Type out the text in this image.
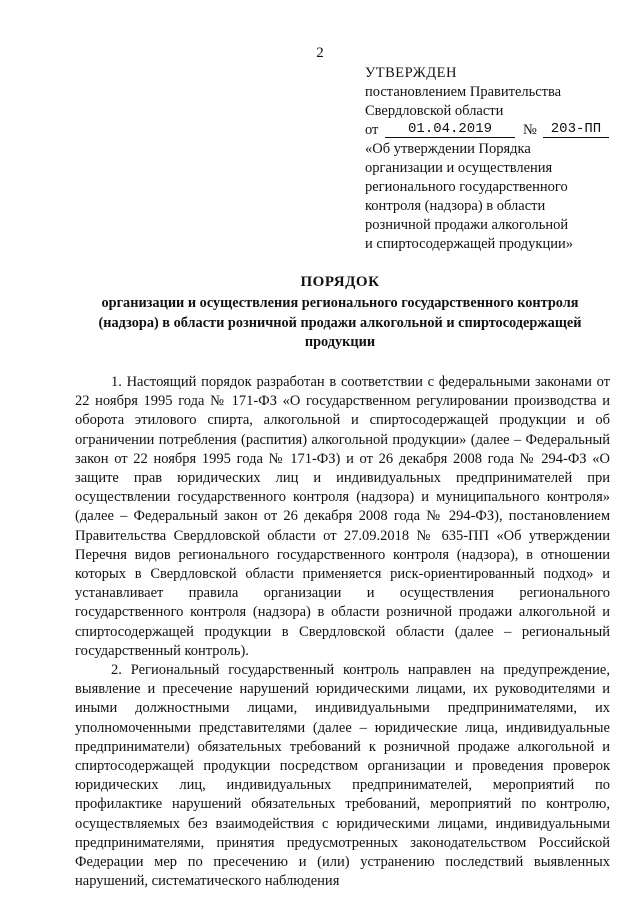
2
УТВЕРЖДЕН
постановлением Правительства
Свердловской области
от	01.04.2019	№ 203-ПП
«Об утверждении Порядка
организации и осуществления
регионального государственного
контроля (надзора) в области
розничной продажи алкогольной
и спиртосодержащей продукции»
ПОРЯДОК
организации и осуществления регионального государственного контроля (надзора) в области розничной продажи алкогольной и спиртосодержащей продукции

1. Настоящий порядок разработан в соответствии с федеральными законами от 22 ноября 1995 года № 171-ФЗ «О государственном регулировании производства и оборота этилового спирта, алкогольной и спиртосодержащей продукции и об ограничении потребления (распития) алкогольной продукции» (далее – Федеральный закон от 22 ноября 1995 года № 171-ФЗ) и от 26 декабря 2008 года № 294-ФЗ «О защите прав юридических лиц и индивидуальных предпринимателей при осуществлении государственного контроля (надзора) и муниципального контроля» (далее – Федеральный закон от 26 декабря 2008 года № 294-ФЗ), постановлением Правительства Свердловской области от 27.09.2018 № 635-ПП «Об утверждении Перечня видов регионального государственного контроля (надзора), в отношении которых в Свердловской области применяется риск-ориентированный подход» и устанавливает правила организации и осуществления регионального государственного контроля (надзора) в области розничной продажи алкогольной и спиртосодержащей продукции в Свердловской области (далее – региональный государственный контроль).

2. Региональный государственный контроль направлен на предупреждение, выявление и пресечение нарушений юридическими лицами, их руководителями и иными должностными лицами, индивидуальными предпринимателями, их уполномоченными представителями (далее – юридические лица, индивидуальные предприниматели) обязательных требований к розничной продаже алкогольной и спиртосодержащей продукции посредством организации и проведения проверок юридических лиц, индивидуальных предпринимателей, мероприятий по профилактике нарушений обязательных требований, мероприятий по контролю, осуществляемых без взаимодействия с юридическими лицами, индивидуальными предпринимателями, принятия предусмотренных законодательством Российской Федерации мер по пресечению и (или) устранению последствий выявленных нарушений, систематического наблюдения
